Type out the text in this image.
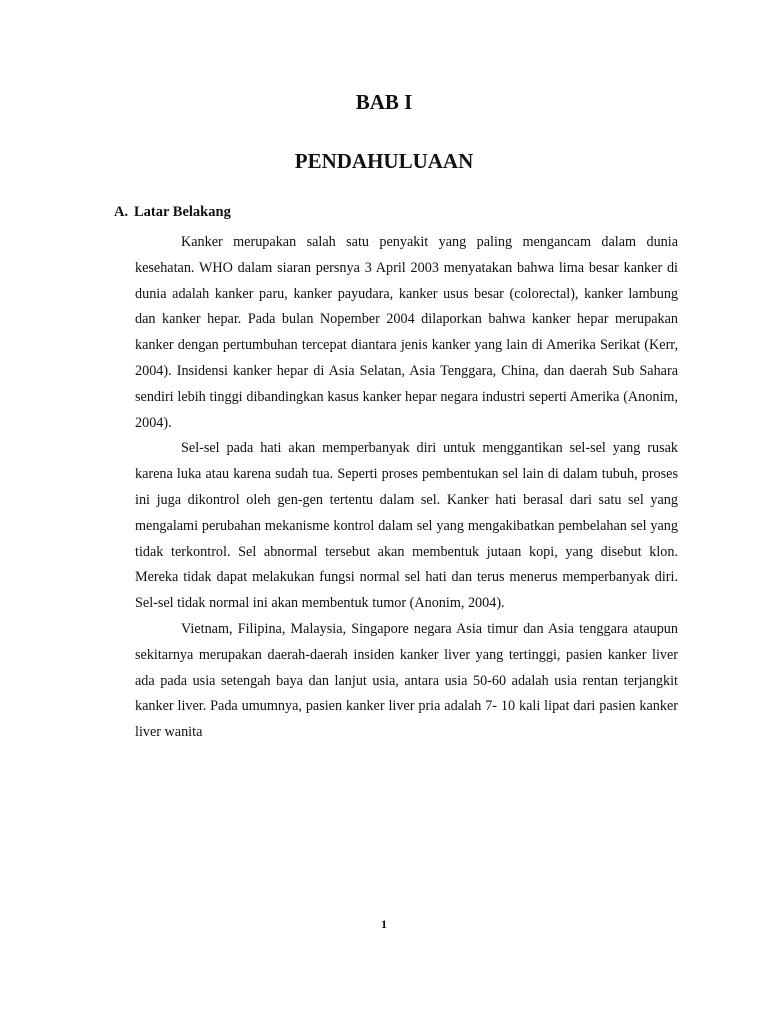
BAB I
PENDAHULUAAN
A. Latar Belakang

Kanker merupakan salah satu penyakit yang paling mengancam dalam dunia kesehatan. WHO dalam siaran persnya 3 April 2003 menyatakan bahwa lima besar kanker di dunia adalah kanker paru, kanker payudara, kanker usus besar (colorectal), kanker lambung dan kanker hepar. Pada bulan Nopember 2004 dilaporkan bahwa kanker hepar merupakan kanker dengan pertumbuhan tercepat diantara jenis kanker yang lain di Amerika Serikat (Kerr, 2004). Insidensi kanker hepar di Asia Selatan, Asia Tenggara, China, dan daerah Sub Sahara sendiri lebih tinggi dibandingkan kasus kanker hepar negara industri seperti Amerika (Anonim, 2004).

Sel-sel pada hati akan memperbanyak diri untuk menggantikan sel-sel yang rusak karena luka atau karena sudah tua. Seperti proses pembentukan sel lain di dalam tubuh, proses ini juga dikontrol oleh gen-gen tertentu dalam sel. Kanker hati berasal dari satu sel yang mengalami perubahan mekanisme kontrol dalam sel yang mengakibatkan pembelahan sel yang tidak terkontrol. Sel abnormal tersebut akan membentuk jutaan kopi, yang disebut klon. Mereka tidak dapat melakukan fungsi normal sel hati dan terus menerus memperbanyak diri. Sel-sel tidak normal ini akan membentuk tumor (Anonim, 2004).

Vietnam, Filipina, Malaysia, Singapore negara Asia timur dan Asia tenggara ataupun sekitarnya merupakan daerah-daerah insiden kanker liver yang tertinggi, pasien kanker liver ada pada usia setengah baya dan lanjut usia, antara usia 50-60 adalah usia rentan terjangkit kanker liver. Pada umumnya, pasien kanker liver pria adalah 7- 10 kali lipat dari pasien kanker liver wanita

1
